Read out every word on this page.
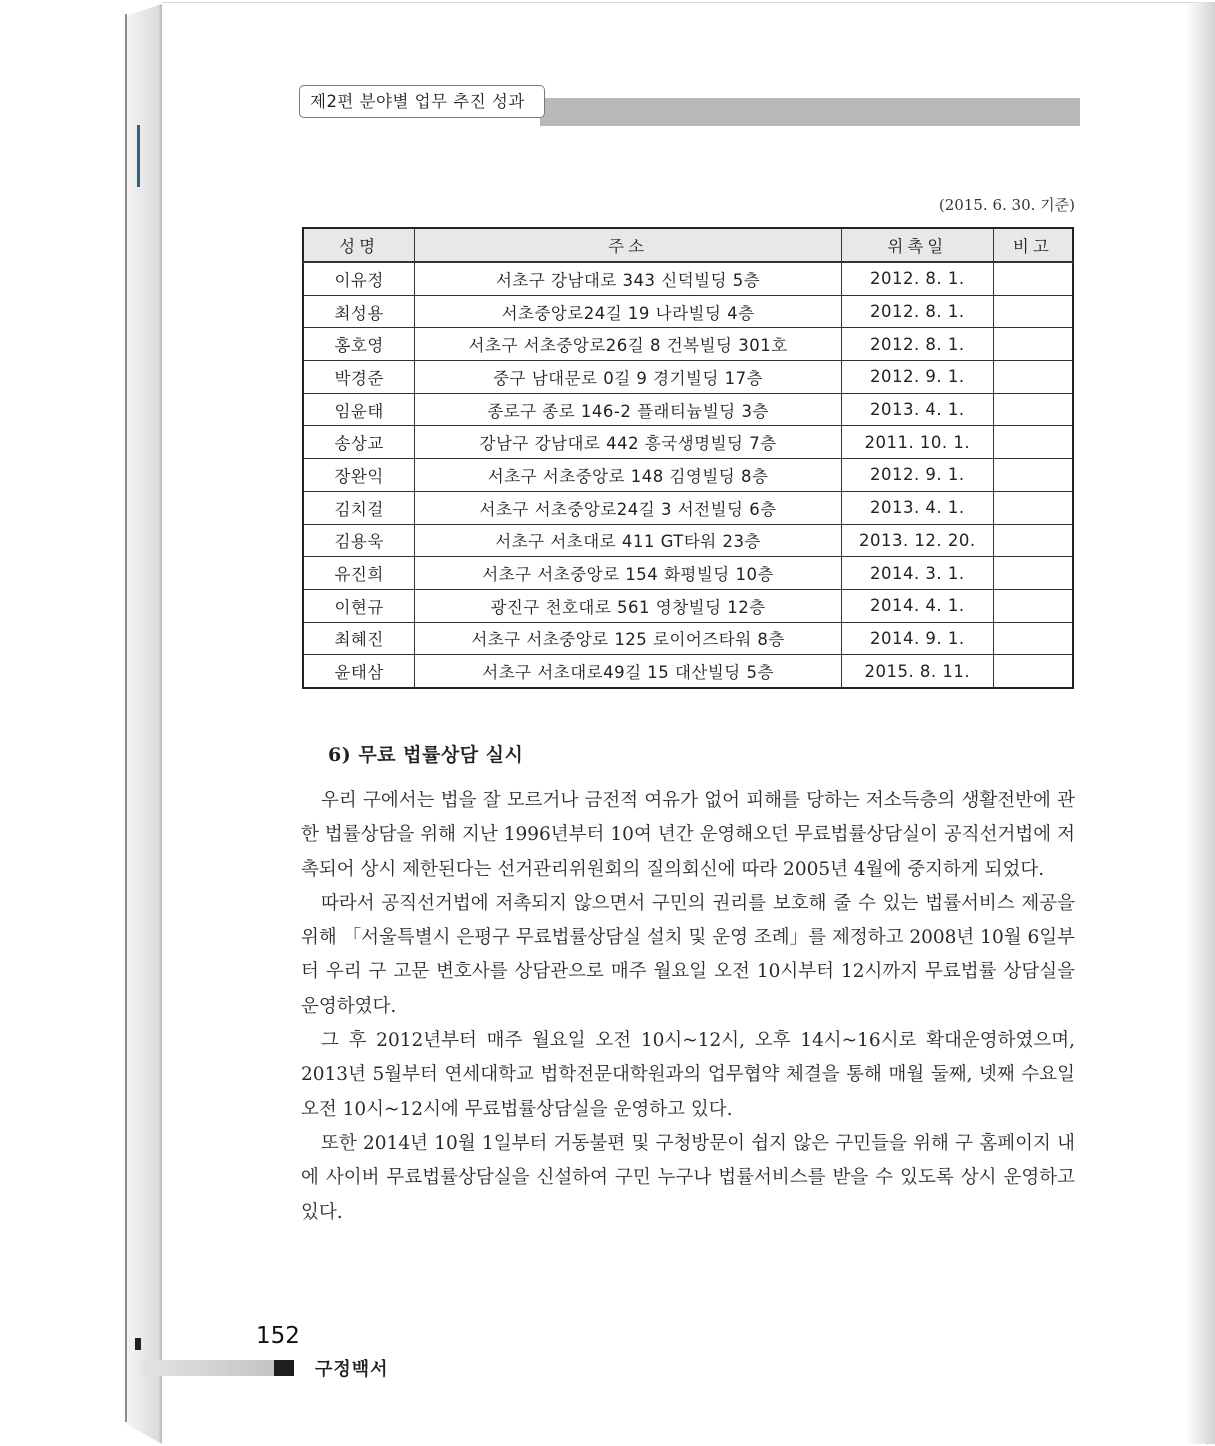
제2편 분야별 업무 추진 성과
(2015. 6. 30. 기준)
성명	주소	위촉일	비고
이유정	서초구 강남대로 343 신덕빌딩 5층	2012. 8. 1.	
최성용	서초중앙로24길 19 나라빌딩 4층	2012. 8. 1.	
홍호영	서초구 서초중앙로26길 8 건복빌딩 301호	2012. 8. 1.	
박경준	중구 남대문로 0길 9 경기빌딩 17층	2012. 9. 1.	
임윤태	종로구 종로 146-2 플래티늄빌딩 3층	2013. 4. 1.	
송상교	강남구 강남대로 442 흥국생명빌딩 7층	2011. 10. 1.	
장완익	서초구 서초중앙로 148 김영빌딩 8층	2012. 9. 1.	
김치걸	서초구 서초중앙로24길 3 서전빌딩 6층	2013. 4. 1.	
김용욱	서초구 서초대로 411 GT타워 23층	2013. 12. 20.	
유진희	서초구 서초중앙로 154 화평빌딩 10층	2014. 3. 1.	
이현규	광진구 천호대로 561 영창빌딩 12층	2014. 4. 1.	
최혜진	서초구 서초중앙로 125 로이어즈타워 8층	2014. 9. 1.	
윤태삼	서초구 서초대로49길 15 대산빌딩 5층	2015. 8. 11.	
6) 무료 법률상담 실시

우리 구에서는 법을 잘 모르거나 금전적 여유가 없어 피해를 당하는 저소득층의 생활전반에 관한 법률상담을 위해 지난 1996년부터 10여 년간 운영해오던 무료법률상담실이 공직선거법에 저촉되어 상시 제한된다는 선거관리위원회의 질의회신에 따라 2005년 4월에 중지하게 되었다.

따라서 공직선거법에 저촉되지 않으면서 구민의 권리를 보호해 줄 수 있는 법률서비스 제공을 위해 「서울특별시 은평구 무료법률상담실 설치 및 운영 조례」를 제정하고 2008년 10월 6일부터 우리 구 고문 변호사를 상담관으로 매주 월요일 오전 10시부터 12시까지 무료법률 상담실을 운영하였다.

그 후 2012년부터 매주 월요일 오전 10시~12시, 오후 14시~16시로 확대운영하였으며, 2013년 5월부터 연세대학교 법학전문대학원과의 업무협약 체결을 통해 매월 둘째, 넷째 수요일 오전 10시~12시에 무료법률상담실을 운영하고 있다.

또한 2014년 10월 1일부터 거동불편 및 구청방문이 쉽지 않은 구민들을 위해 구 홈페이지 내에 사이버 무료법률상담실을 신설하여 구민 누구나 법률서비스를 받을 수 있도록 상시 운영하고 있다.

152
구정백서
